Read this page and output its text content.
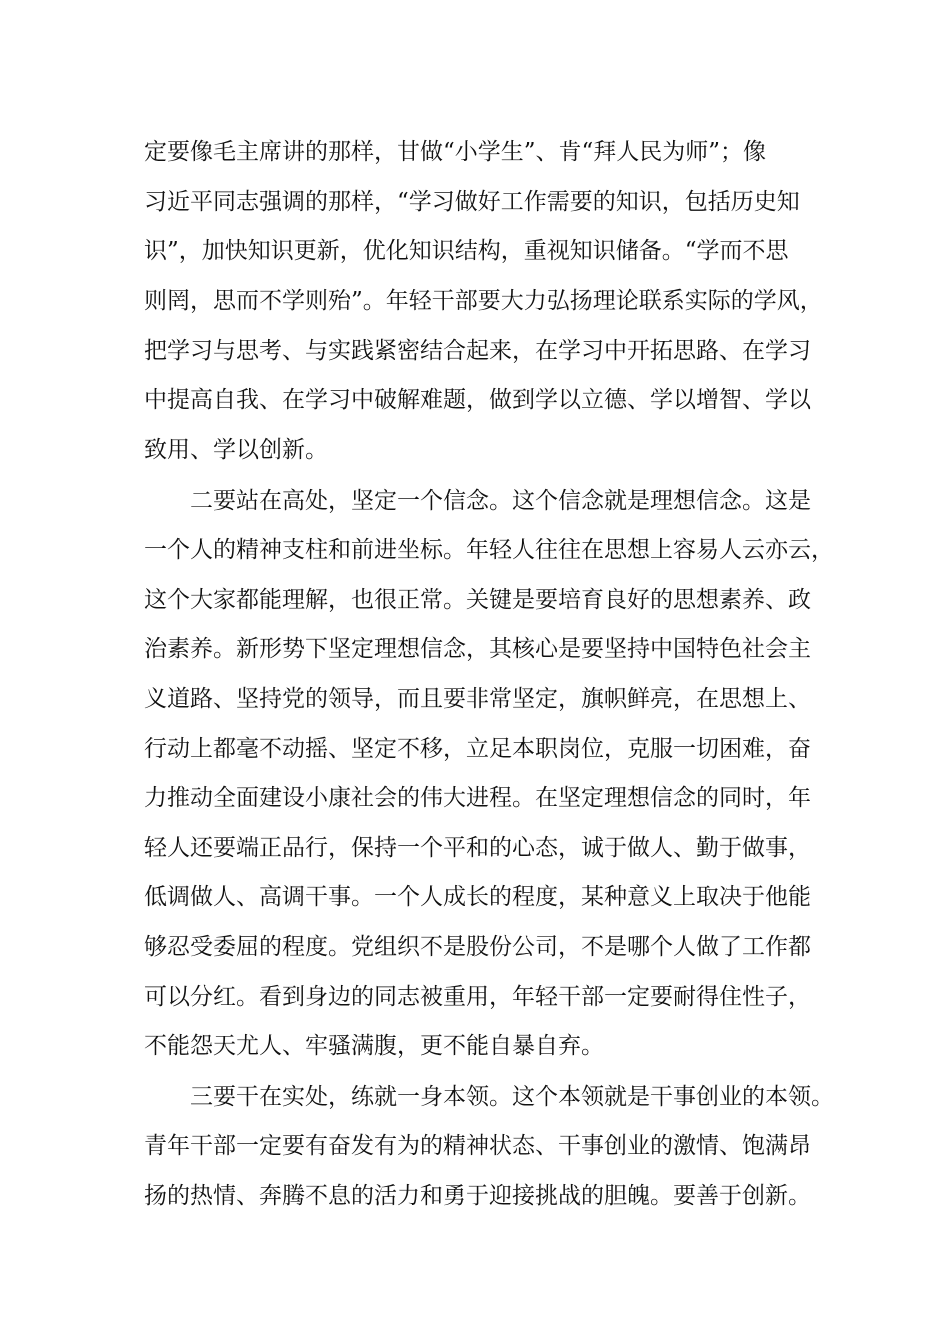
定要像毛主席讲的那样，甘做“小学生”、肯“拜人民为师”；像
习近平同志强调的那样，“学习做好工作需要的知识，包括历史知
识”，加快知识更新，优化知识结构，重视知识储备。“学而不思
则罔，思而不学则殆”。年轻干部要大力弘扬理论联系实际的学风，
把学习与思考、与实践紧密结合起来，在学习中开拓思路、在学习
中提高自我、在学习中破解难题，做到学以立德、学以增智、学以
致用、学以创新。
二要站在高处，坚定一个信念。这个信念就是理想信念。这是
一个人的精神支柱和前进坐标。年轻人往往在思想上容易人云亦云，
这个大家都能理解，也很正常。关键是要培育良好的思想素养、政
治素养。新形势下坚定理想信念，其核心是要坚持中国特色社会主
义道路、坚持党的领导，而且要非常坚定，旗帜鲜亮，在思想上、
行动上都毫不动摇、坚定不移，立足本职岗位，克服一切困难，奋
力推动全面建设小康社会的伟大进程。在坚定理想信念的同时，年
轻人还要端正品行，保持一个平和的心态，诚于做人、勤于做事，
低调做人、高调干事。一个人成长的程度，某种意义上取决于他能
够忍受委屈的程度。党组织不是股份公司，不是哪个人做了工作都
可以分红。看到身边的同志被重用，年轻干部一定要耐得住性子，
不能怨天尤人、牢骚满腹，更不能自暴自弃。
三要干在实处，练就一身本领。这个本领就是干事创业的本领。
青年干部一定要有奋发有为的精神状态、干事创业的激情、饱满昂
扬的热情、奔腾不息的活力和勇于迎接挑战的胆魄。要善于创新。
